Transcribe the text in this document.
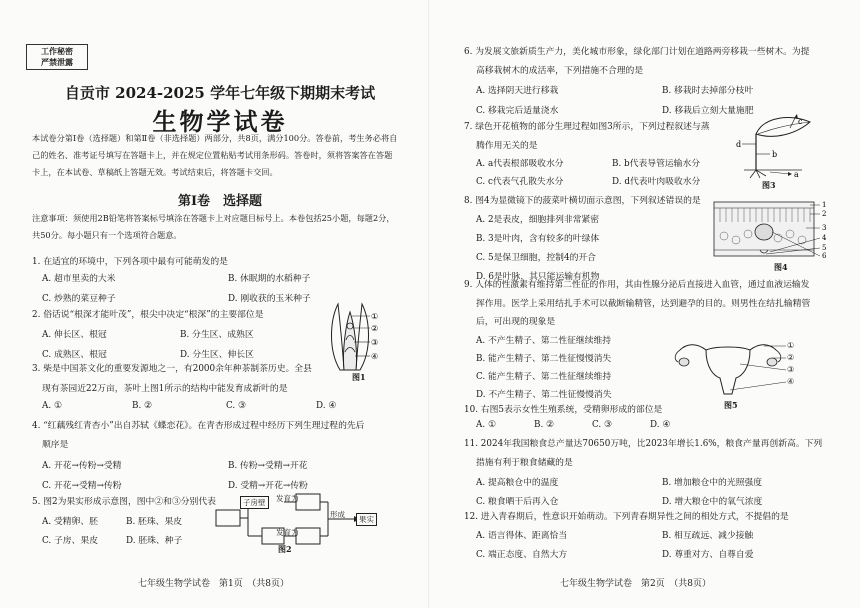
工作秘密
严禁泄露
自贡市 2024-2025 学年七年级下期期末考试
生物学试卷
本试卷分第Ⅰ卷（选择题）和第Ⅱ卷（非选择题）两部分，共8页，满分100分。答卷前，考生务必将自己的姓名、准考证号填写在答题卡上，并在规定位置粘贴考试用条形码。答卷时，须将答案答在答题卡上，在本试卷、草稿纸上答题无效。考试结束后，将答题卡交回。
第Ⅰ卷　选择题
注意事项：须使用2B铅笔将答案标号填涂在答题卡上对应题目标号上。本卷包括25小题，每题2分，共50分。每小题只有一个选项符合题意。
1. 在适宜的环境中，下列各项中最有可能萌发的是
A. 超市里卖的大米	B. 休眠期的水稻种子
C. 炒熟的菜豆种子	D. 刚收获的玉米种子
2. 俗话说“根深才能叶茂”，根尖中决定“根深”的主要部位是
A. 伸长区、根冠	B. 分生区、成熟区
C. 成熟区、根冠	D. 分生区、伸长区
①
②
③
④
图1
3. 柴是中国茶文化的重要发源地之一，有2000余年种茶制茶历史。全县
现有茶园近22万亩，茶叶上图1所示的结构中能发育成新叶的是
A. ①	B. ②	C. ③	D. ④
4. “红藕残红青杏小”出自苏轼《蝶恋花》。在青杏形成过程中经历下列生理过程的先后
顺序是
A. 开花→传粉→受精	B. 传粉→受精→开花
C. 开花→受精→传粉	D. 受精→开花→传粉
5. 图2为果实形成示意图，图中②和③分别代表
A. 受精卵、胚	B. 胚珠、果皮
C. 子房、果皮	D. 胚珠、种子
子房壁	发育为
发育为
形成
果实
图2
七年级生物学试卷　第1页　（共8页）
6. 为发展文旅新质生产力，美化城市形象，绿化部门计划在道路两旁移栽一些树木。为提
高移栽树木的成活率，下列措施不合理的是
A. 选择阴天进行移栽	B. 移栽时去掉部分枝叶
C. 移栽完后适量浇水	D. 移栽后立刻大量施肥
7. 绿色开花植物的部分生理过程如图3所示，下列过程叙述与蒸
腾作用无关的是
A. a代表根部吸收水分	B. b代表导管运输水分
C. c代表气孔散失水分	D. d代表叶肉吸收水分
c
d
b
a
图3
8. 图4为显微镜下的菠菜叶横切面示意图，下列叙述错误的是
A. 2是表皮，细胞排列非常紧密
B. 3是叶肉，含有较多的叶绿体
C. 5是保卫细胞，控制4的开合
D. 6是叶脉，其只能运输有机物
1
2
3
4
5
6
图4
9. 人体的性激素有维持第二性征的作用，其由性腺分泌后直接进入血管，通过血液运输发
挥作用。医学上采用结扎手术可以截断输精管，达到避孕的目的。则男性在结扎输精管
后，可出现的现象是
A. 不产生精子、第二性征继续维持
B. 能产生精子、第二性征慢慢消失
C. 能产生精子、第二性征继续维持
D. 不产生精子、第二性征慢慢消失
①
②
③
④
图5
10. 右图5表示女性生殖系统，受精卵形成的部位是
A. ①	B. ②	C. ③	D. ④
11. 2024年我国粮食总产量达70650万吨，比2023年增长1.6%，粮食产量再创新高。下列
措施有利于粮食储藏的是
A. 提高粮仓中的温度	B. 增加粮仓中的光照强度
C. 粮食晒干后再入仓	D. 增大粮仓中的氧气浓度
12. 进入青春期后，性意识开始萌动。下列青春期异性之间的相处方式，不提倡的是
A. 语言得体、距离恰当	B. 相互疏远、减少接触
C. 端正态度、自然大方	D. 尊重对方、自尊自爱
七年级生物学试卷　第2页　（共8页）
